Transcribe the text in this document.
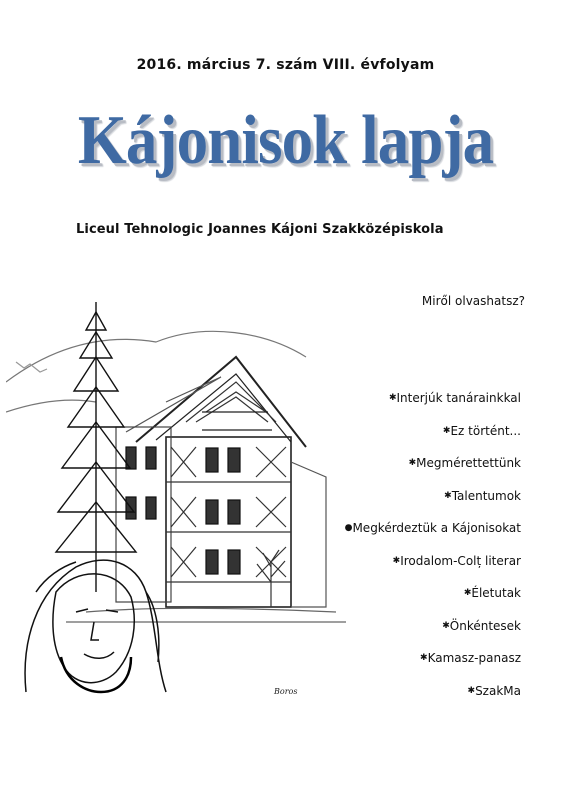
2016. március 7. szám VIII. évfolyam
Kájonisok lapja
Liceul Tehnologic Joannes Kájoni Szakközépiskola
Boros
Miről olvashatsz?
✱Interjúk tanárainkkal
✱Ez történt...
✱Megmérettettünk
✱Talentumok
●Megkérdeztük a Kájonisokat
✱Irodalom-Colț literar
✱Életutak
✱Önkéntesek
✱Kamasz-panasz
✱SzakMa
